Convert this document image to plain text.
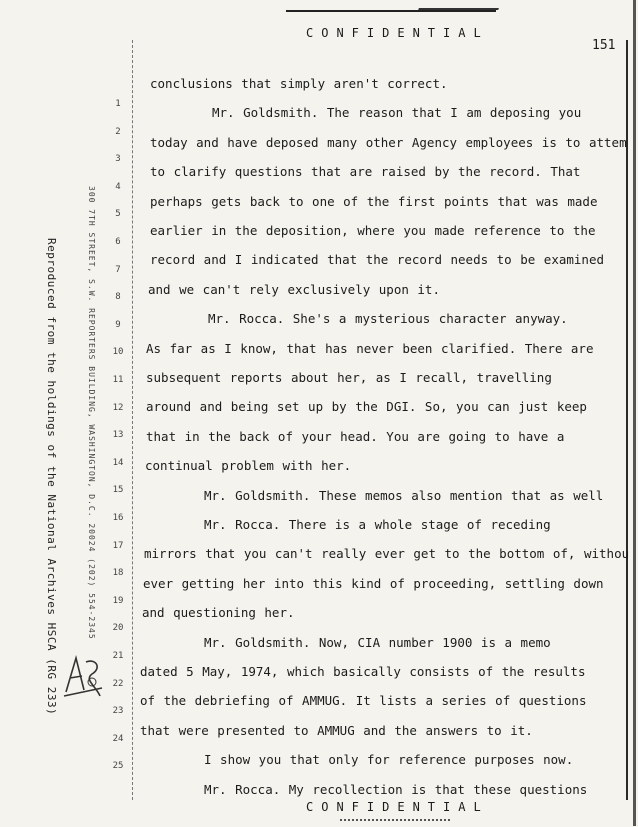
CONFIDENTIAL
151
Reproduced from the holdings of the National Archives HSCA (RG 233)	300 7TH STREET, S.W. REPORTERS BUILDING, WASHINGTON, D.C. 20024 (202) 554-2345
1
2
3
4
5
6
7
8
9
10
11
12
13
14
15
16
17
18
19
20
21
22
23
24
25
conclusions that simply aren't correct.
Mr. Goldsmith. The reason that I am deposing you
today and have deposed many other Agency employees is to attem
to clarify questions that are raised by the record. That
perhaps gets back to one of the first points that was made
earlier in the deposition, where you made reference to the
record and I indicated that the record needs to be examined
and we can't rely exclusively upon it.
Mr. Rocca. She's a mysterious character anyway.
As far as I know, that has never been clarified. There are
subsequent reports about her, as I recall, travelling
around and being set up by the DGI. So, you can just keep
that in the back of your head. You are going to have a
continual problem with her.
Mr. Goldsmith. These memos also mention that as well
Mr. Rocca. There is a whole stage of receding
mirrors that you can't really ever get to the bottom of, withou
ever getting her into this kind of proceeding, settling down
and questioning her.
Mr. Goldsmith. Now, CIA number 1900 is a memo
dated 5 May, 1974, which basically consists of the results
of the debriefing of AMMUG. It lists a series of questions
that were presented to AMMUG and the answers to it.
I show you that only for reference purposes now.
Mr. Rocca. My recollection is that these questions
CONFIDENTIAL
